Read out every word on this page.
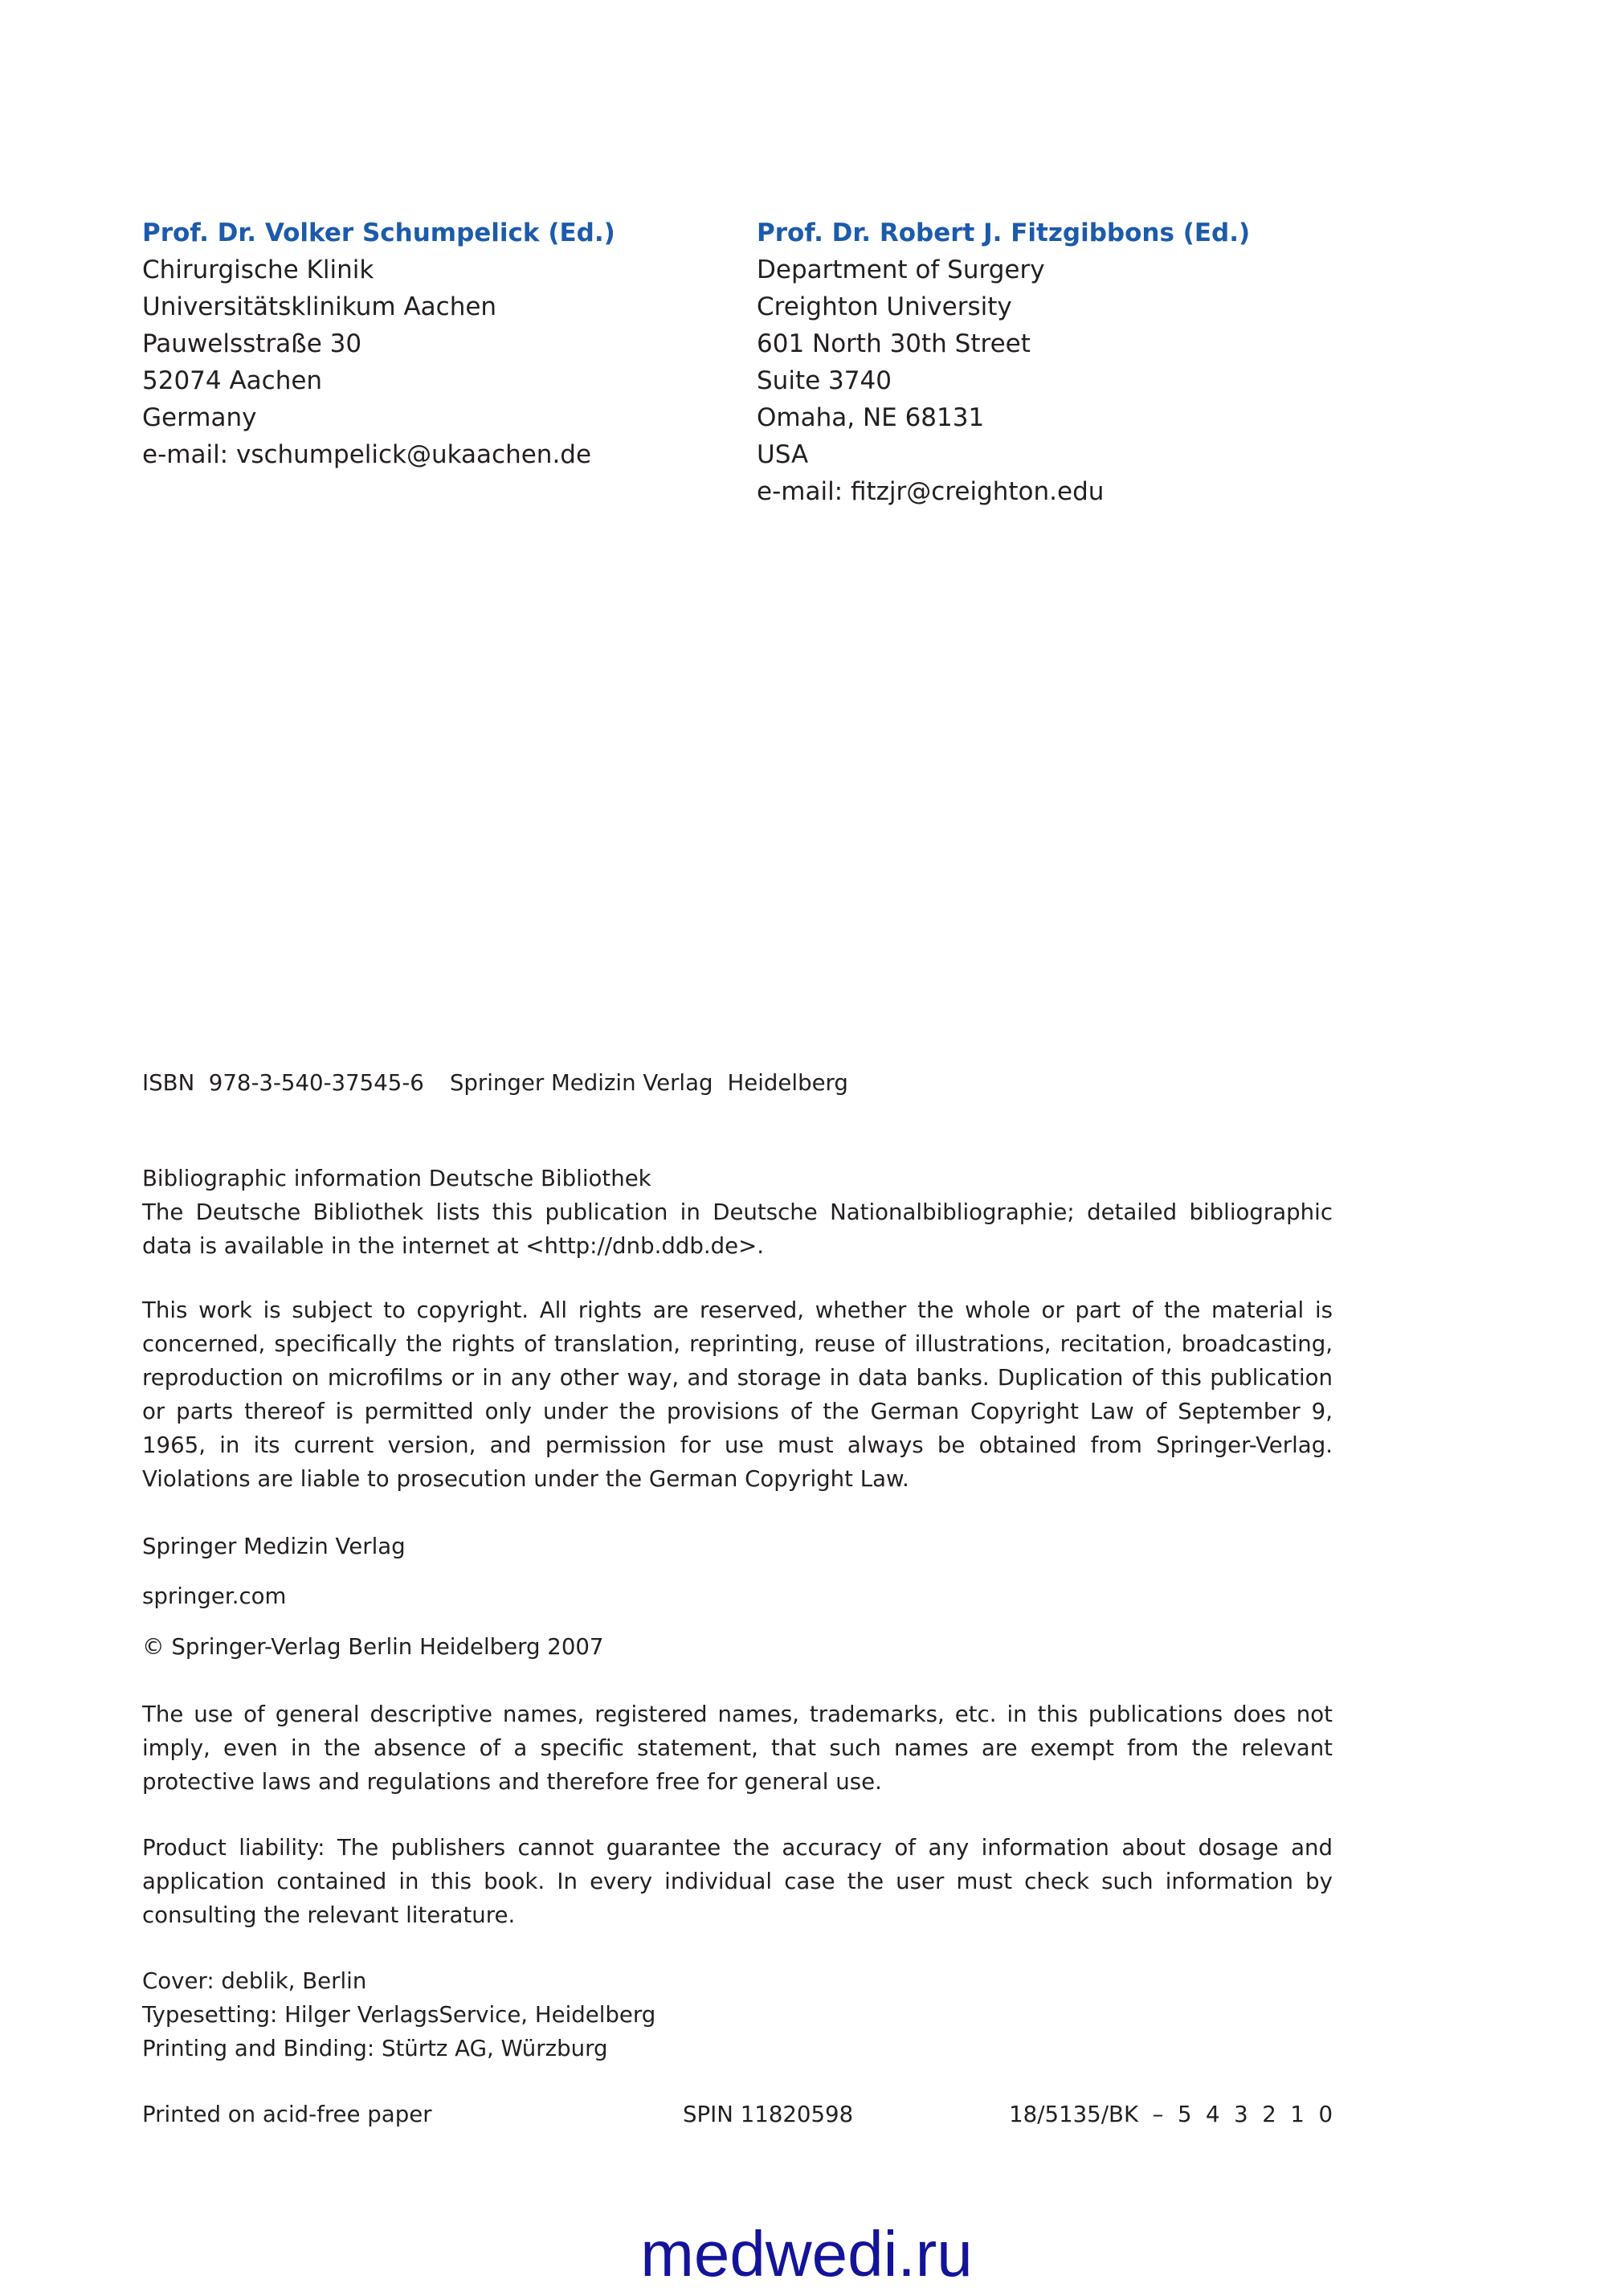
Prof. Dr. Volker Schumpelick (Ed.)
Chirurgische Klinik
Universitätsklinikum Aachen
Pauwelsstraße 30
52074 Aachen
Germany
e-mail: vschumpelick@ukaachen.de
Prof. Dr. Robert J. Fitzgibbons (Ed.)
Department of Surgery
Creighton University
601 North 30th Street
Suite 3740
Omaha, NE 68131
USA
e-mail: fitzjr@creighton.edu
ISBN 978-3-540-37545-6 Springer Medizin Verlag Heidelberg
Bibliographic information Deutsche Bibliothek
The Deutsche Bibliothek lists this publication in Deutsche Nationalbibliographie; detailed bibliographic data is available in the internet at <http://dnb.ddb.de>.
This work is subject to copyright. All rights are reserved, whether the whole or part of the material is concerned, specifically the rights of translation, reprinting, reuse of illustrations, recitation, broadcasting, reproduction on microfilms or in any other way, and storage in data banks. Duplication of this publication or parts thereof is permitted only under the provisions of the German Copyright Law of September 9, 1965, in its current version, and permission for use must always be obtained from Springer-Verlag. Violations are liable to prosecution under the German Copyright Law.
Springer Medizin Verlag
springer.com
© Springer-Verlag Berlin Heidelberg 2007
The use of general descriptive names, registered names, trademarks, etc. in this publications does not imply, even in the absence of a specific statement, that such names are exempt from the relevant protective laws and regulations and therefore free for general use.
Product liability: The publishers cannot guarantee the accuracy of any information about dosage and application contained in this book. In every individual case the user must check such information by consulting the relevant literature.
Cover: deblik, Berlin
Typesetting: Hilger VerlagsService, Heidelberg
Printing and Binding: Stürtz AG, Würzburg
Printed on acid-free paper	SPIN 11820598	18/5135/BK  –  5  4  3  2  1  0
medwedi.ru
